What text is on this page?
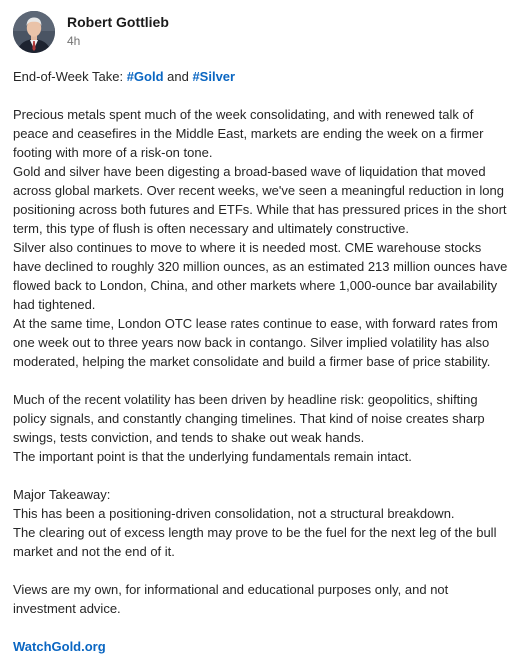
Robert Gottlieb
4h

End-of-Week Take: #Gold and #Silver

Precious metals spent much of the week consolidating, and with renewed talk of peace and ceasefires in the Middle East, markets are ending the week on a firmer footing with more of a risk-on tone.

Gold and silver have been digesting a broad-based wave of liquidation that moved across global markets. Over recent weeks, we've seen a meaningful reduction in long positioning across both futures and ETFs. While that has pressured prices in the short term, this type of flush is often necessary and ultimately constructive.

Silver also continues to move to where it is needed most. CME warehouse stocks have declined to roughly 320 million ounces, as an estimated 213 million ounces have flowed back to London, China, and other markets where 1,000-ounce bar availability had tightened.

At the same time, London OTC lease rates continue to ease, with forward rates from one week out to three years now back in contango. Silver implied volatility has also moderated, helping the market consolidate and build a firmer base of price stability.

Much of the recent volatility has been driven by headline risk: geopolitics, shifting policy signals, and constantly changing timelines. That kind of noise creates sharp swings, tests conviction, and tends to shake out weak hands.

The important point is that the underlying fundamentals remain intact.

Major Takeaway:

This has been a positioning-driven consolidation, not a structural breakdown.

The clearing out of excess length may prove to be the fuel for the next leg of the bull market and not the end of it.

Views are my own, for informational and educational purposes only, and not investment advice.

WatchGold.org
